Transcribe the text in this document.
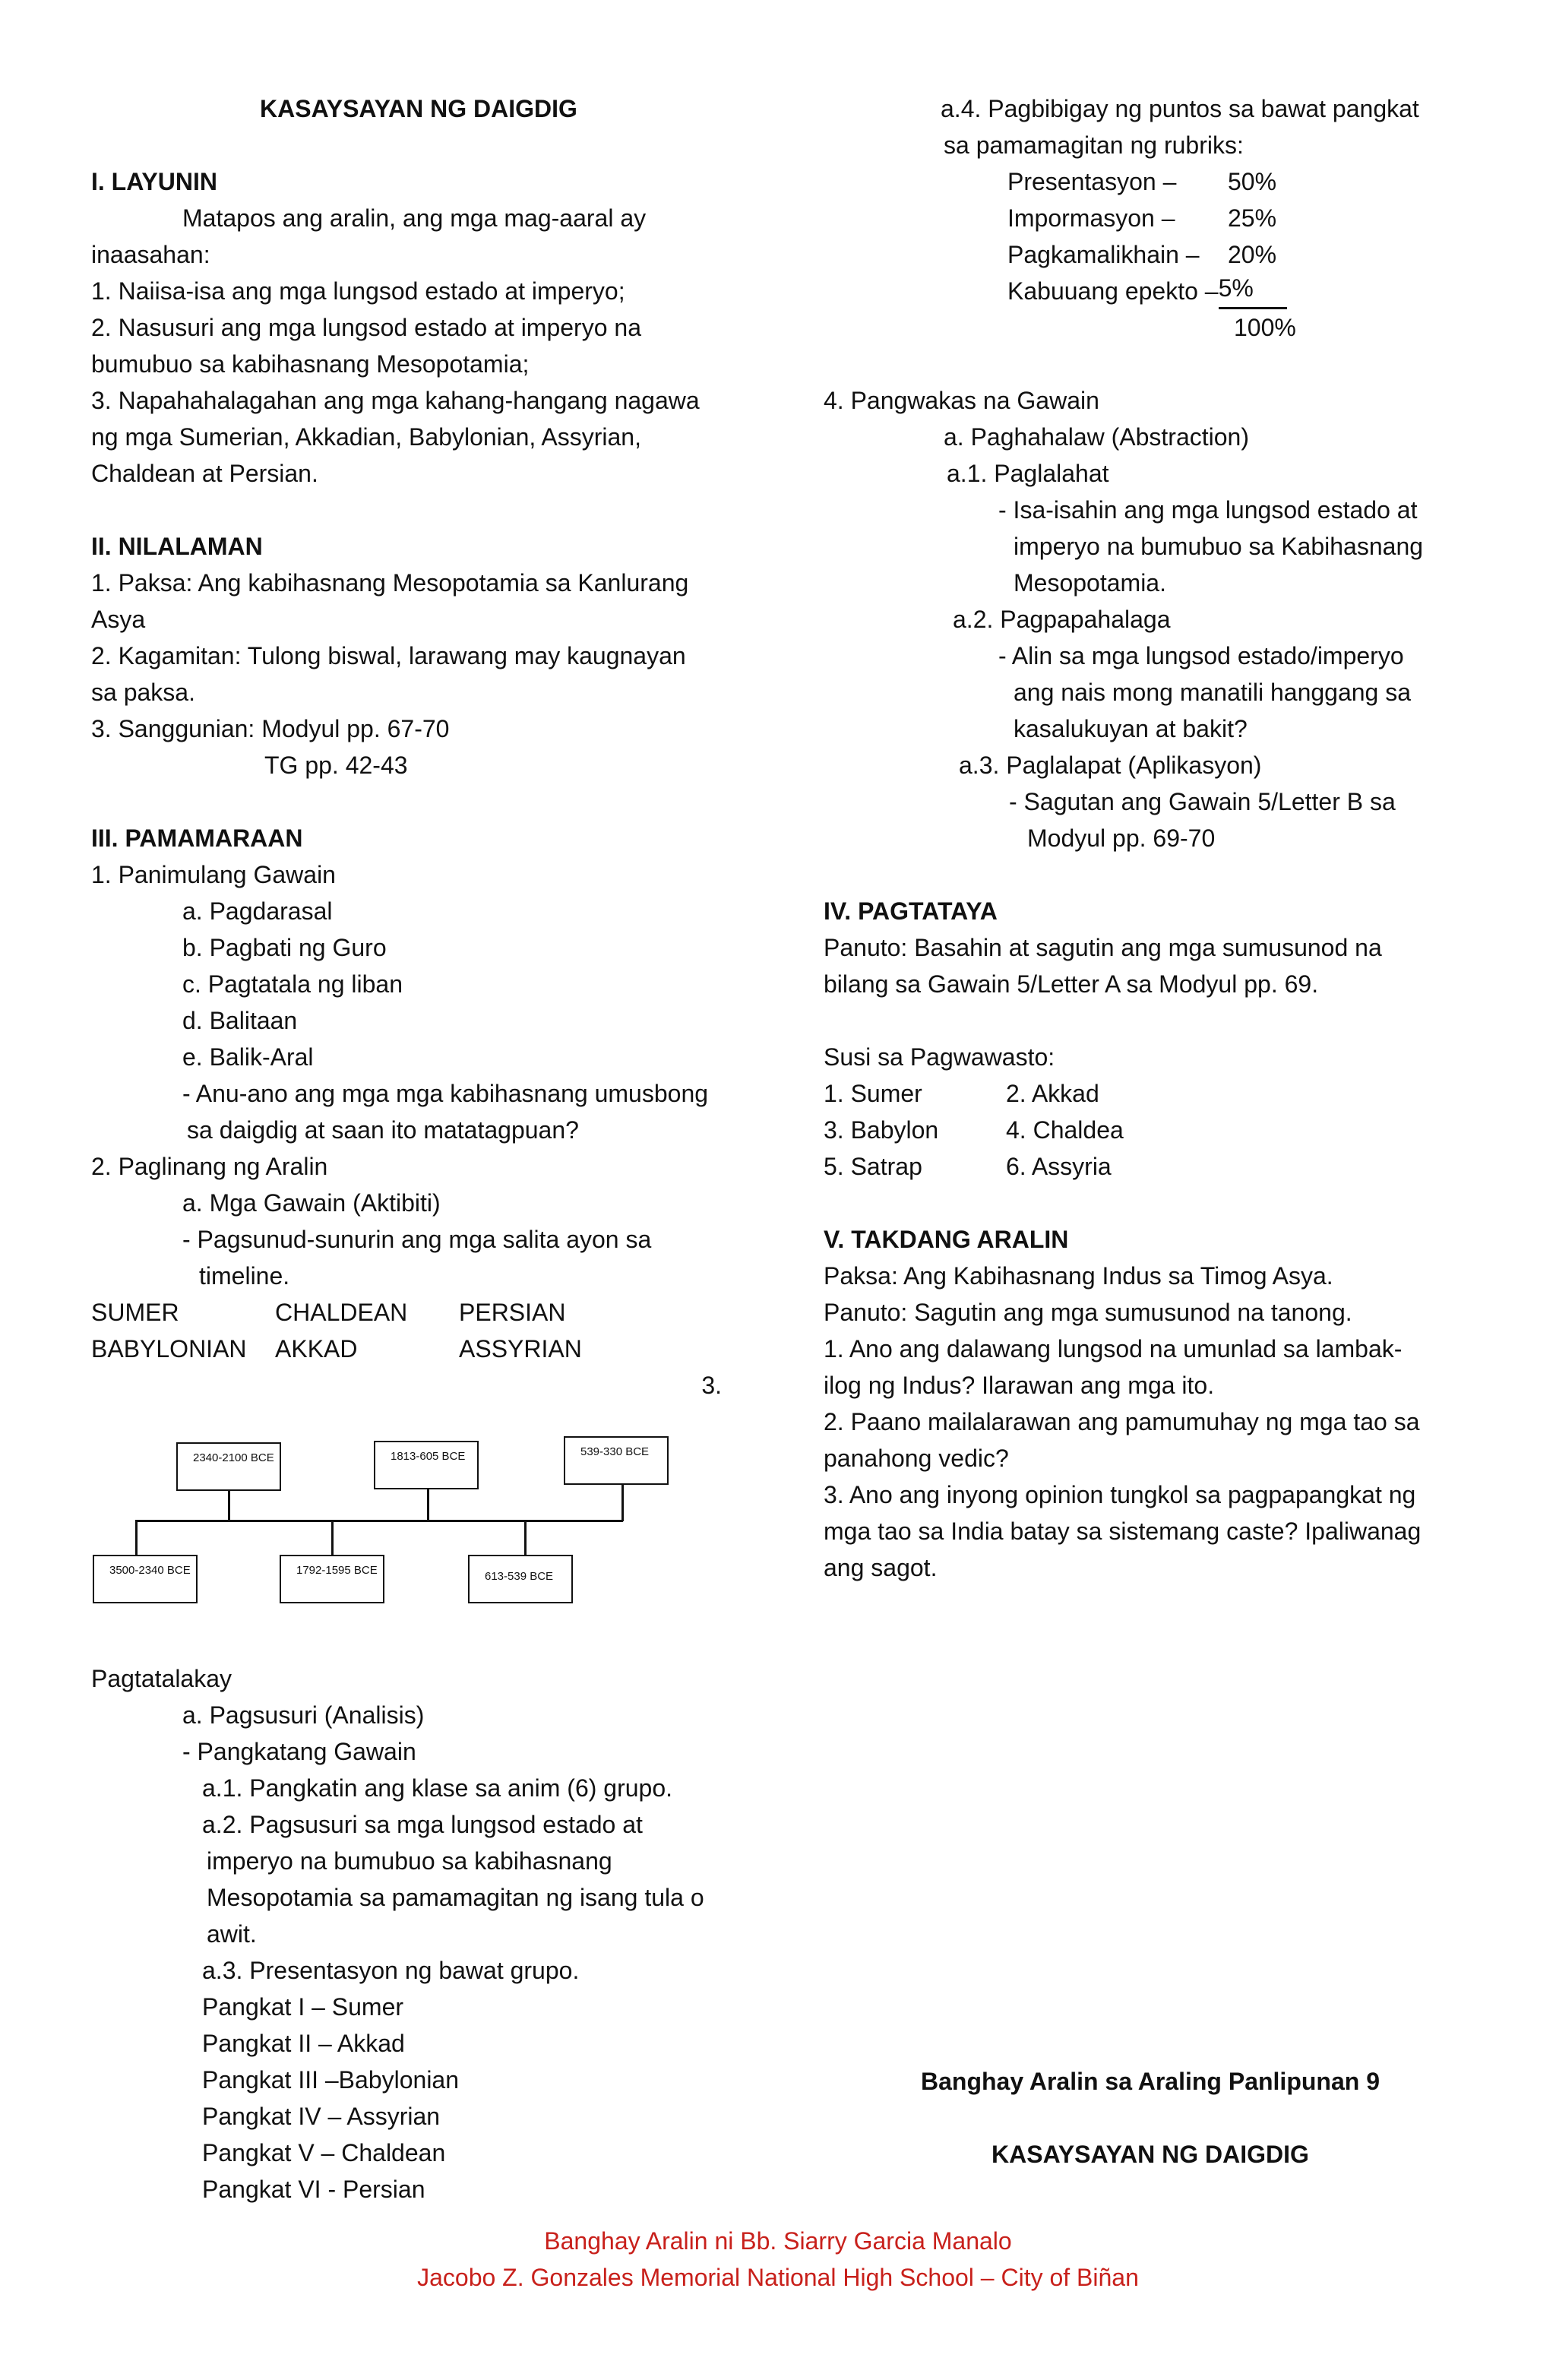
KASAYSAYAN NG DAIGDIG
I. LAYUNIN
Matapos ang aralin, ang mga mag-aaral ay
inaasahan:
1. Naiisa-isa ang mga lungsod estado at imperyo;
2. Nasusuri ang mga lungsod estado at imperyo na
bumubuo sa kabihasnang Mesopotamia;
3. Napahahalagahan ang mga kahang-hangang nagawa
ng mga Sumerian, Akkadian, Babylonian, Assyrian,
Chaldean at Persian.
II. NILALAMAN
1. Paksa: Ang kabihasnang Mesopotamia sa Kanlurang
Asya
2. Kagamitan: Tulong biswal, larawang may kaugnayan
sa paksa.
3. Sanggunian: Modyul pp. 67-70
TG pp. 42-43
III. PAMAMARAAN
1. Panimulang Gawain
a. Pagdarasal
b. Pagbati ng Guro
c. Pagtatala ng liban
d. Balitaan
e. Balik-Aral
- Anu-ano ang mga mga kabihasnang umusbong
sa daigdig at saan ito matatagpuan?
2. Paglinang ng Aralin
a. Mga Gawain (Aktibiti)
- Pagsunud-sunurin ang mga salita ayon sa
timeline.
SUMER	CHALDEAN	PERSIAN
BABYLONIAN	AKKAD	ASSYRIAN
3.
2340-2100 BCE	1813-605 BCE	539-330 BCE
3500-2340 BCE	1792-1595 BCE	613-539 BCE
Pagtatalakay
a. Pagsusuri (Analisis)
- Pangkatang Gawain
a.1. Pangkatin ang klase sa anim (6) grupo.
a.2. Pagsusuri sa mga lungsod estado at
imperyo na bumubuo sa kabihasnang
Mesopotamia sa pamamagitan ng isang tula o
awit.
a.3. Presentasyon ng bawat grupo.
Pangkat I – Sumer
Pangkat II – Akkad
Pangkat III –Babylonian
Pangkat IV – Assyrian
Pangkat V – Chaldean
Pangkat VI - Persian
a.4. Pagbibigay ng puntos sa bawat pangkat
sa pamamagitan ng rubriks:
Presentasyon –	50%
Impormasyon –	25%
Pagkamalikhain –	20%
Kabuuang epekto – 5%
100%
4. Pangwakas na Gawain
a. Paghahalaw (Abstraction)
a.1. Paglalahat
- Isa-isahin ang mga lungsod estado at
imperyo na bumubuo sa Kabihasnang
Mesopotamia.
a.2. Pagpapahalaga
- Alin sa mga lungsod estado/imperyo
ang nais mong manatili hanggang sa
kasalukuyan at bakit?
a.3. Paglalapat (Aplikasyon)
- Sagutan ang Gawain 5/Letter B sa
Modyul pp. 69-70
IV. PAGTATAYA
Panuto: Basahin at sagutin ang mga sumusunod na
bilang sa Gawain 5/Letter A sa Modyul pp. 69.
Susi sa Pagwawasto:
1. Sumer	2. Akkad
3. Babylon	4. Chaldea
5. Satrap	6. Assyria
V. TAKDANG ARALIN
Paksa: Ang Kabihasnang Indus sa Timog Asya.
Panuto: Sagutin ang mga sumusunod na tanong.
1. Ano ang dalawang lungsod na umunlad sa lambak-
ilog ng Indus? Ilarawan ang mga ito.
2. Paano mailalarawan ang pamumuhay ng mga tao sa
panahong vedic?
3. Ano ang inyong opinion tungkol sa pagpapangkat ng
mga tao sa India batay sa sistemang caste? Ipaliwanag
ang sagot.
Banghay Aralin sa Araling Panlipunan 9
KASAYSAYAN NG DAIGDIG
Banghay Aralin ni Bb. Siarry Garcia Manalo
Jacobo Z. Gonzales Memorial National High School – City of Biñan
